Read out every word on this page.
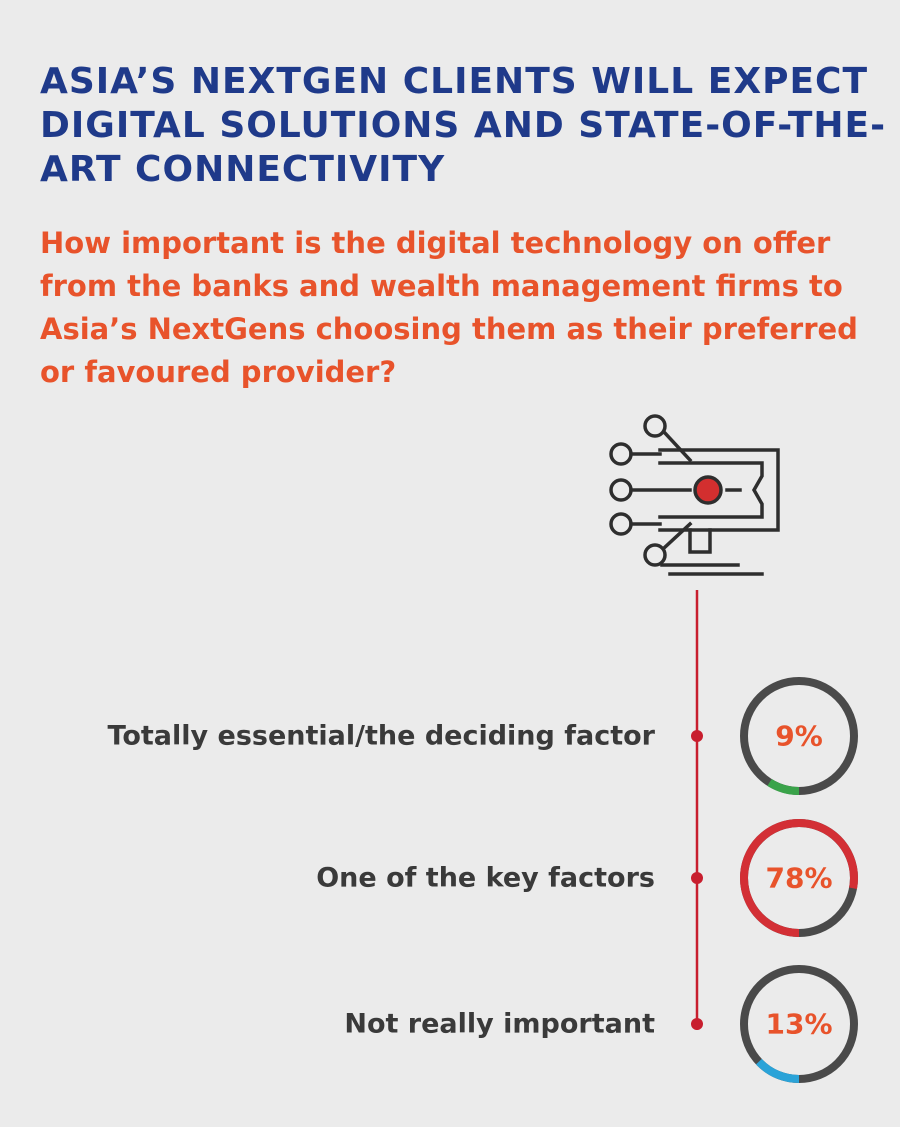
ASIA’S NEXTGEN CLIENTS WILL EXPECT
DIGITAL SOLUTIONS AND STATE-OF-THE-
ART CONNECTIVITY

How important is the digital technology on offer
from the banks and wealth management firms to
Asia’s NextGens choosing them as their preferred
or favoured provider?

Totally essential/the deciding factor	9%
One of the key factors	78%
Not really important	13%
